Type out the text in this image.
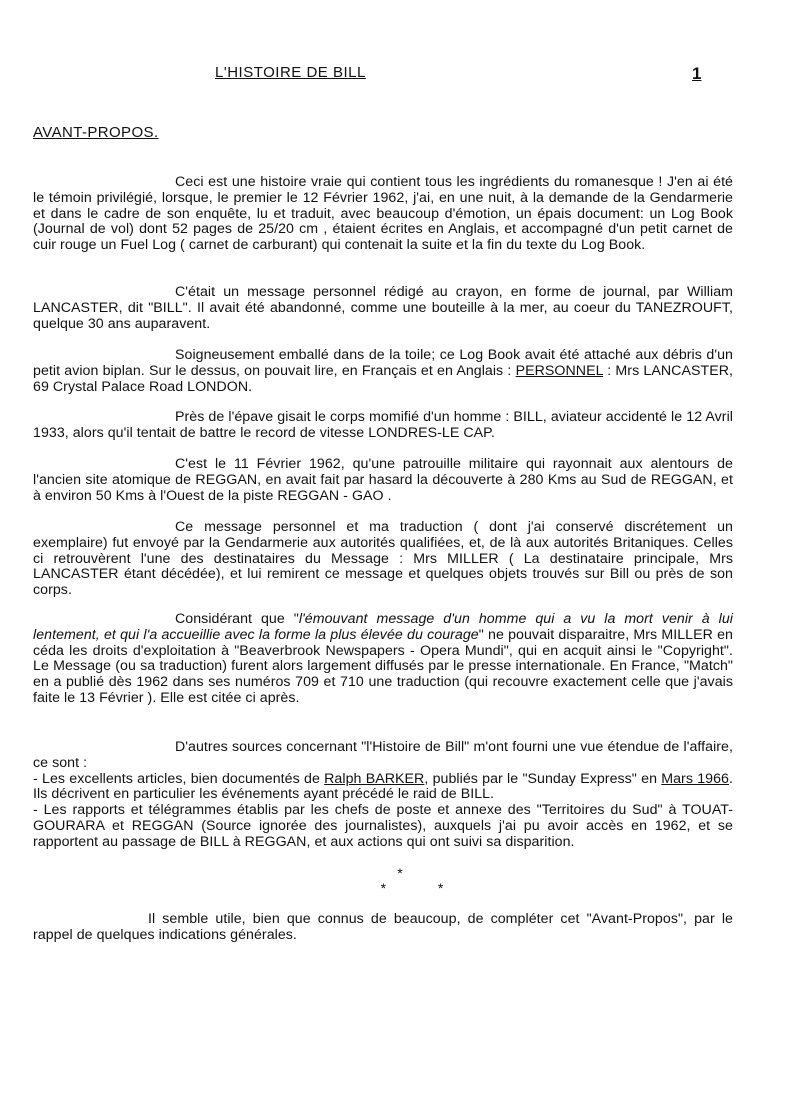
L'HISTOIRE DE BILL	1
AVANT-PROPOS.

Ceci est une histoire vraie qui contient tous les ingrédients du romanesque ! J'en ai été le témoin privilégié, lorsque, le premier le 12 Février 1962, j'ai, en une nuit, à la demande de la Gendarmerie et dans le cadre de son enquête, lu et traduit, avec beaucoup d'émotion, un épais document: un Log Book (Journal de vol) dont 52 pages de 25/20 cm , étaient écrites en Anglais, et accompagné d'un petit carnet de cuir rouge un Fuel Log ( carnet de carburant) qui contenait la suite et la fin du texte du Log Book.

C'était un message personnel rédigé au crayon, en forme de journal, par William LANCASTER, dit "BILL". Il avait été abandonné, comme une bouteille à la mer, au coeur du TANEZROUFT, quelque 30 ans auparavent.

Soigneusement emballé dans de la toile; ce Log Book avait été attaché aux débris d'un petit avion biplan. Sur le dessus, on pouvait lire, en Français et en Anglais : PERSONNEL : Mrs LANCASTER, 69 Crystal Palace Road LONDON.

Près de l'épave gisait le corps momifié d'un homme : BILL, aviateur accidenté le 12 Avril 1933, alors qu'il tentait de battre le record de vitesse LONDRES-LE CAP.

C'est le 11 Février 1962, qu'une patrouille militaire qui rayonnait aux alentours de l'ancien site atomique de REGGAN, en avait fait par hasard la découverte à 280 Kms au Sud de REGGAN, et à environ 50 Kms à l'Ouest de la piste REGGAN - GAO .

Ce message personnel et ma traduction ( dont j'ai conservé discrétement un exemplaire) fut envoyé par la Gendarmerie aux autorités qualifiées, et, de là aux autorités Britaniques. Celles ci retrouvèrent l'une des destinataires du Message : Mrs MILLER ( La destinataire principale, Mrs LANCASTER étant décédée), et lui remirent ce message et quelques objets trouvés sur Bill ou près de son corps.

Considérant que "l'émouvant message d'un homme qui a vu la mort venir à lui lentement, et qui l'a accueillie avec la forme la plus élevée du courage" ne pouvait disparaitre, Mrs MILLER en céda les droits d'exploitation à "Beaverbrook Newspapers - Opera Mundi", qui en acquit ainsi le "Copyright". Le Message (ou sa traduction) furent alors largement diffusés par le presse internationale. En France, "Match" en a publié dès 1962 dans ses numéros 709 et 710 une traduction (qui recouvre exactement celle que j'avais faite le 13 Février ). Elle est citée ci après.

D'autres sources concernant "l'Histoire de Bill" m'ont fourni une vue étendue de l'affaire, ce sont :
- Les excellents articles, bien documentés de Ralph BARKER, publiés par le "Sunday Express" en Mars 1966. Ils décrivent en particulier les événements ayant précédé le raid de BILL.
- Les rapports et télégrammes établis par les chefs de poste et annexe des "Territoires du Sud" à TOUAT-GOURARA et REGGAN (Source ignorée des journalistes), auxquels j'ai pu avoir accès en 1962, et se rapportent au passage de BILL à REGGAN, et aux actions qui ont suivi sa disparition.
*
* *

Il semble utile, bien que connus de beaucoup, de compléter cet "Avant-Propos", par le rappel de quelques indications générales.
